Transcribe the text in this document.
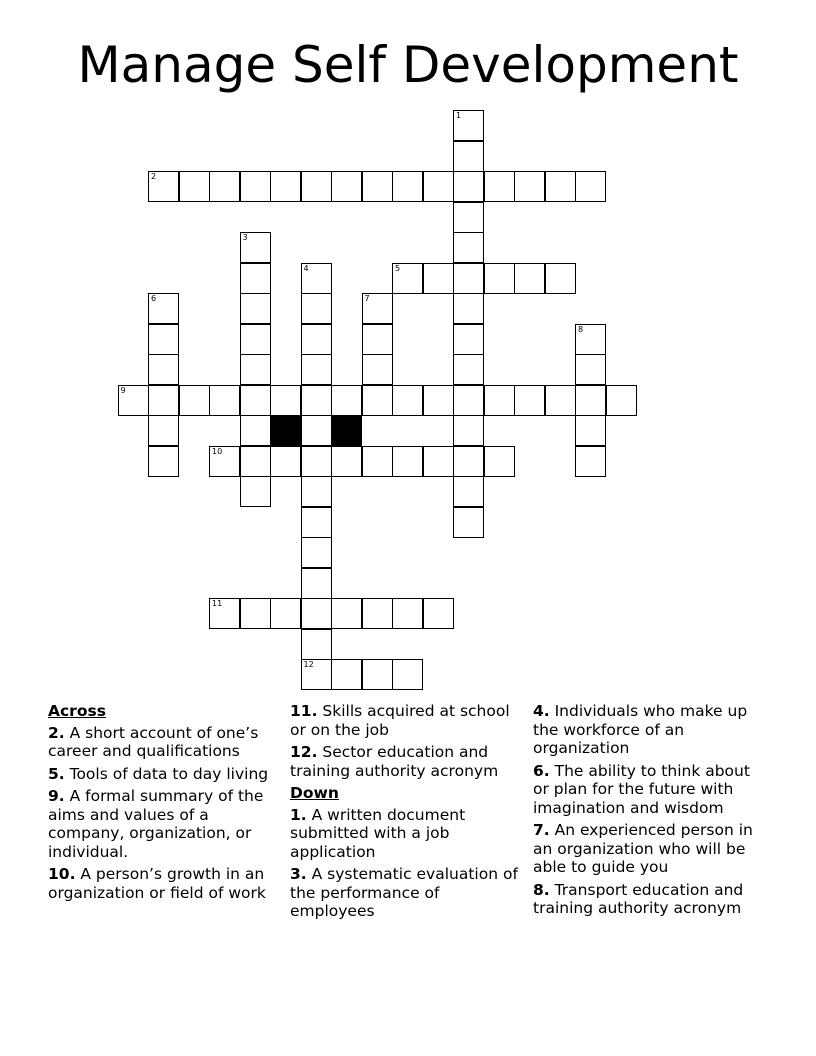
Manage Self Development
2
5
9
10
11
12
1
3
4
6	7
8
Across
2. A short account of one’s career and qualifications
5. Tools of data to day living
9. A formal summary of the aims and values of a company, organization, or individual.
10. A person’s growth in an organization or field of work
11. Skills acquired at school or on the job
12. Sector education and training authority acronym
Down
1. A written document submitted with a job application
3. A systematic evaluation of the performance of employees
4. Individuals who make up the workforce of an organization
6. The ability to think about or plan for the future with imagination and wisdom
7. An experienced person in an organization who will be able to guide you
8. Transport education and training authority acronym
